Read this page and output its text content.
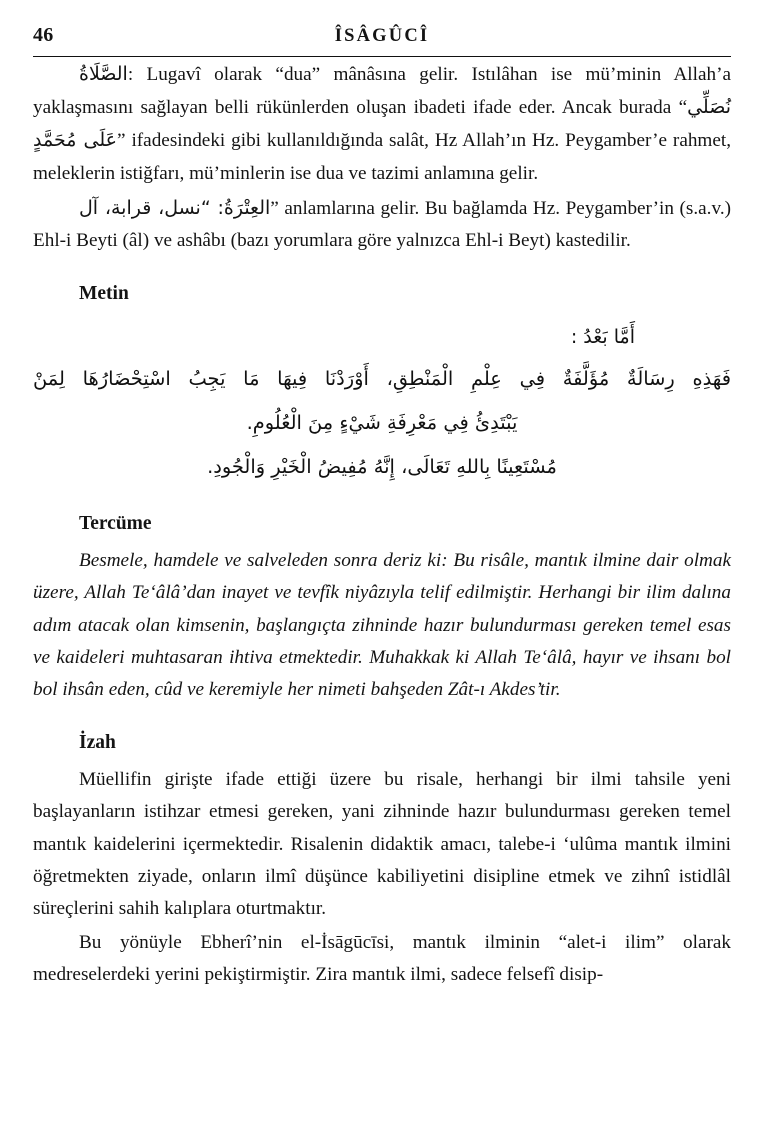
46	ÎSÂGÛCÎ

الصَّلَاةُ: Lugavî olarak “dua” mânâsına gelir. Istılâhan ise mü’minin Allah’a yaklaşmasını sağlayan belli rükünlerden oluşan ibadeti ifade eder. Ancak burada “نُصَلِّي عَلَى مُحَمَّدٍ” ifadesindeki gibi kullanıldığında salât, Hz Allah’ın Hz. Peygamber’e rahmet, meleklerin istiğfarı, mü’minlerin ise dua ve tazimi anlamına gelir.

العِتْرَةُ: “نسل، قرابة، آل	” anlamlarına gelir. Bu bağlamda Hz. Peygamber’in (s.a.v.) Ehl-i Beyti (âl) ve ashâbı (bazı yorumlara göre yalnızca Ehl-i Beyt) kastedilir.

Metin
أَمَّا بَعْدُ :
فَهَذِهِ رِسَالَةٌ مُؤَلَّفَةٌ فِي عِلْمِ الْمَنْطِقِ، أَوْرَدْنَا فِيهَا مَا يَجِبُ اسْتِحْضَارُهَا لِمَنْ
يَبْتَدِئُ فِي مَعْرِفَةِ شَيْءٍ مِنَ الْعُلُومِ.
مُسْتَعِينًا بِاللهِ تَعَالَى، إِنَّهُ مُفِيضُ الْخَيْرِ وَالْجُودِ.
Tercüme

Besmele, hamdele ve salveleden sonra deriz ki: Bu risâle, mantık ilmine dair olmak üzere, Allah Te‘âlâ’dan inayet ve tevfîk niyâzıyla telif edilmiştir. Herhangi bir ilim dalına adım atacak olan kimsenin, başlangıçta zihninde hazır bulundurması gereken temel esas ve kaideleri muhtasaran ihtiva etmektedir. Muhakkak ki Allah Te‘âlâ, hayır ve ihsanı bol bol ihsân eden, cûd ve keremiyle her nimeti bahşeden Zât-ı Akdes’tir.

İzah

Müellifin girişte ifade ettiği üzere bu risale, herhangi bir ilmi tahsile yeni başlayanların istihzar etmesi gereken, yani zihninde hazır bulundurması gereken temel mantık kaidelerini içermektedir. Risalenin didaktik amacı, talebe-i ‘ulûma mantık ilmini öğretmekten ziyade, onların ilmî düşünce kabiliyetini disipline etmek ve zihnî istidlâl süreçlerini sahih kalıplara oturtmaktır.

Bu yönüyle Ebherî’nin el-İsāgūcīsi, mantık ilminin “alet-i ilim” olarak medreselerdeki yerini pekiştirmiştir. Zira mantık ilmi, sadece felsefî disip-
